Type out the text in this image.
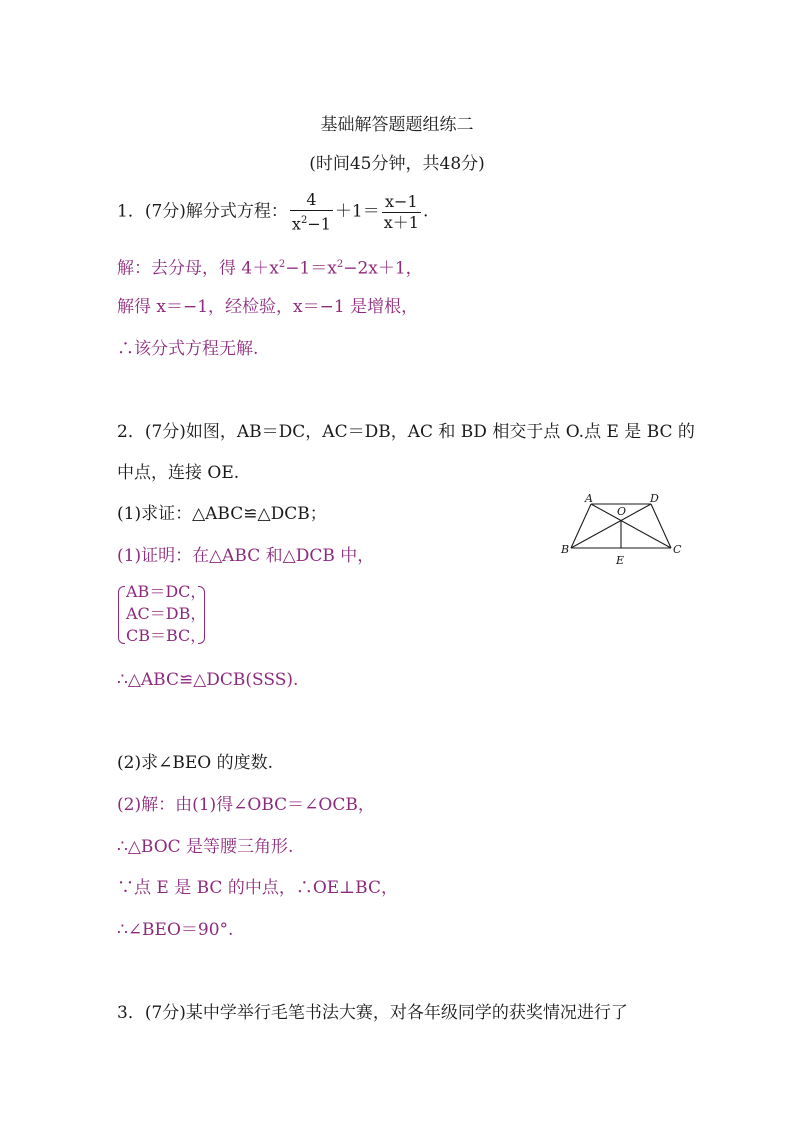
基础解答题题组练二
(时间45分钟，共48分)
1．(7分)解分式方程： $\frac{4}{x^2-1} +1= \frac{x-1}{x+1}$ .
解：去分母，得 $4+x^2-1=x^2-2x+1$，
解得 x＝−1，经检验，x＝−1 是增根，
∴该分式方程无解.
2．(7分)如图，AB＝DC，AC＝DB，AC 和 BD 相交于点 O.点 E 是 BC 的
中点，连接 OE.
(1)求证：△ABC≌△DCB；
(1)证明：在△ABC 和△DCB 中，
AB＝DC，
AC＝DB，
CB＝BC，
∴△ABC≌△DCB(SSS).
(2)求∠BEO 的度数.
(2)解：由(1)得∠OBC＝∠OCB，
∴△BOC 是等腰三角形.
∵点 E 是 BC 的中点，∴OE⊥BC，
∴∠BEO＝90°.
A
O
D
B
E
C
3．(7分)某中学举行毛笔书法大赛，对各年级同学的获奖情况进行了
